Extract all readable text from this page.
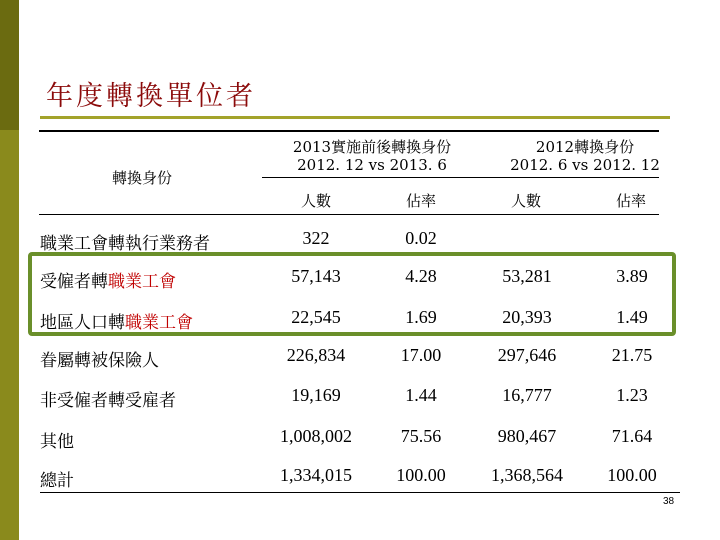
年度轉換單位者
轉換身份
2013實施前後轉換身份
2012. 12 vs 2013. 6
2012轉換身份
2012. 6 vs 2012. 12
人數	佔率	人數	佔率
職業工會轉執行業務者	322	0.02
受僱者轉職業工會	57,143	4.28	53,281	3.89
地區人口轉職業工會	22,545	1.69	20,393	1.49
眷屬轉被保險人	226,834	17.00	297,646	21.75
非受僱者轉受雇者	19,169	1.44	16,777	1.23
其他	1,008,002	75.56	980,467	71.64
總計	1,334,015	100.00	1,368,564	100.00
38
